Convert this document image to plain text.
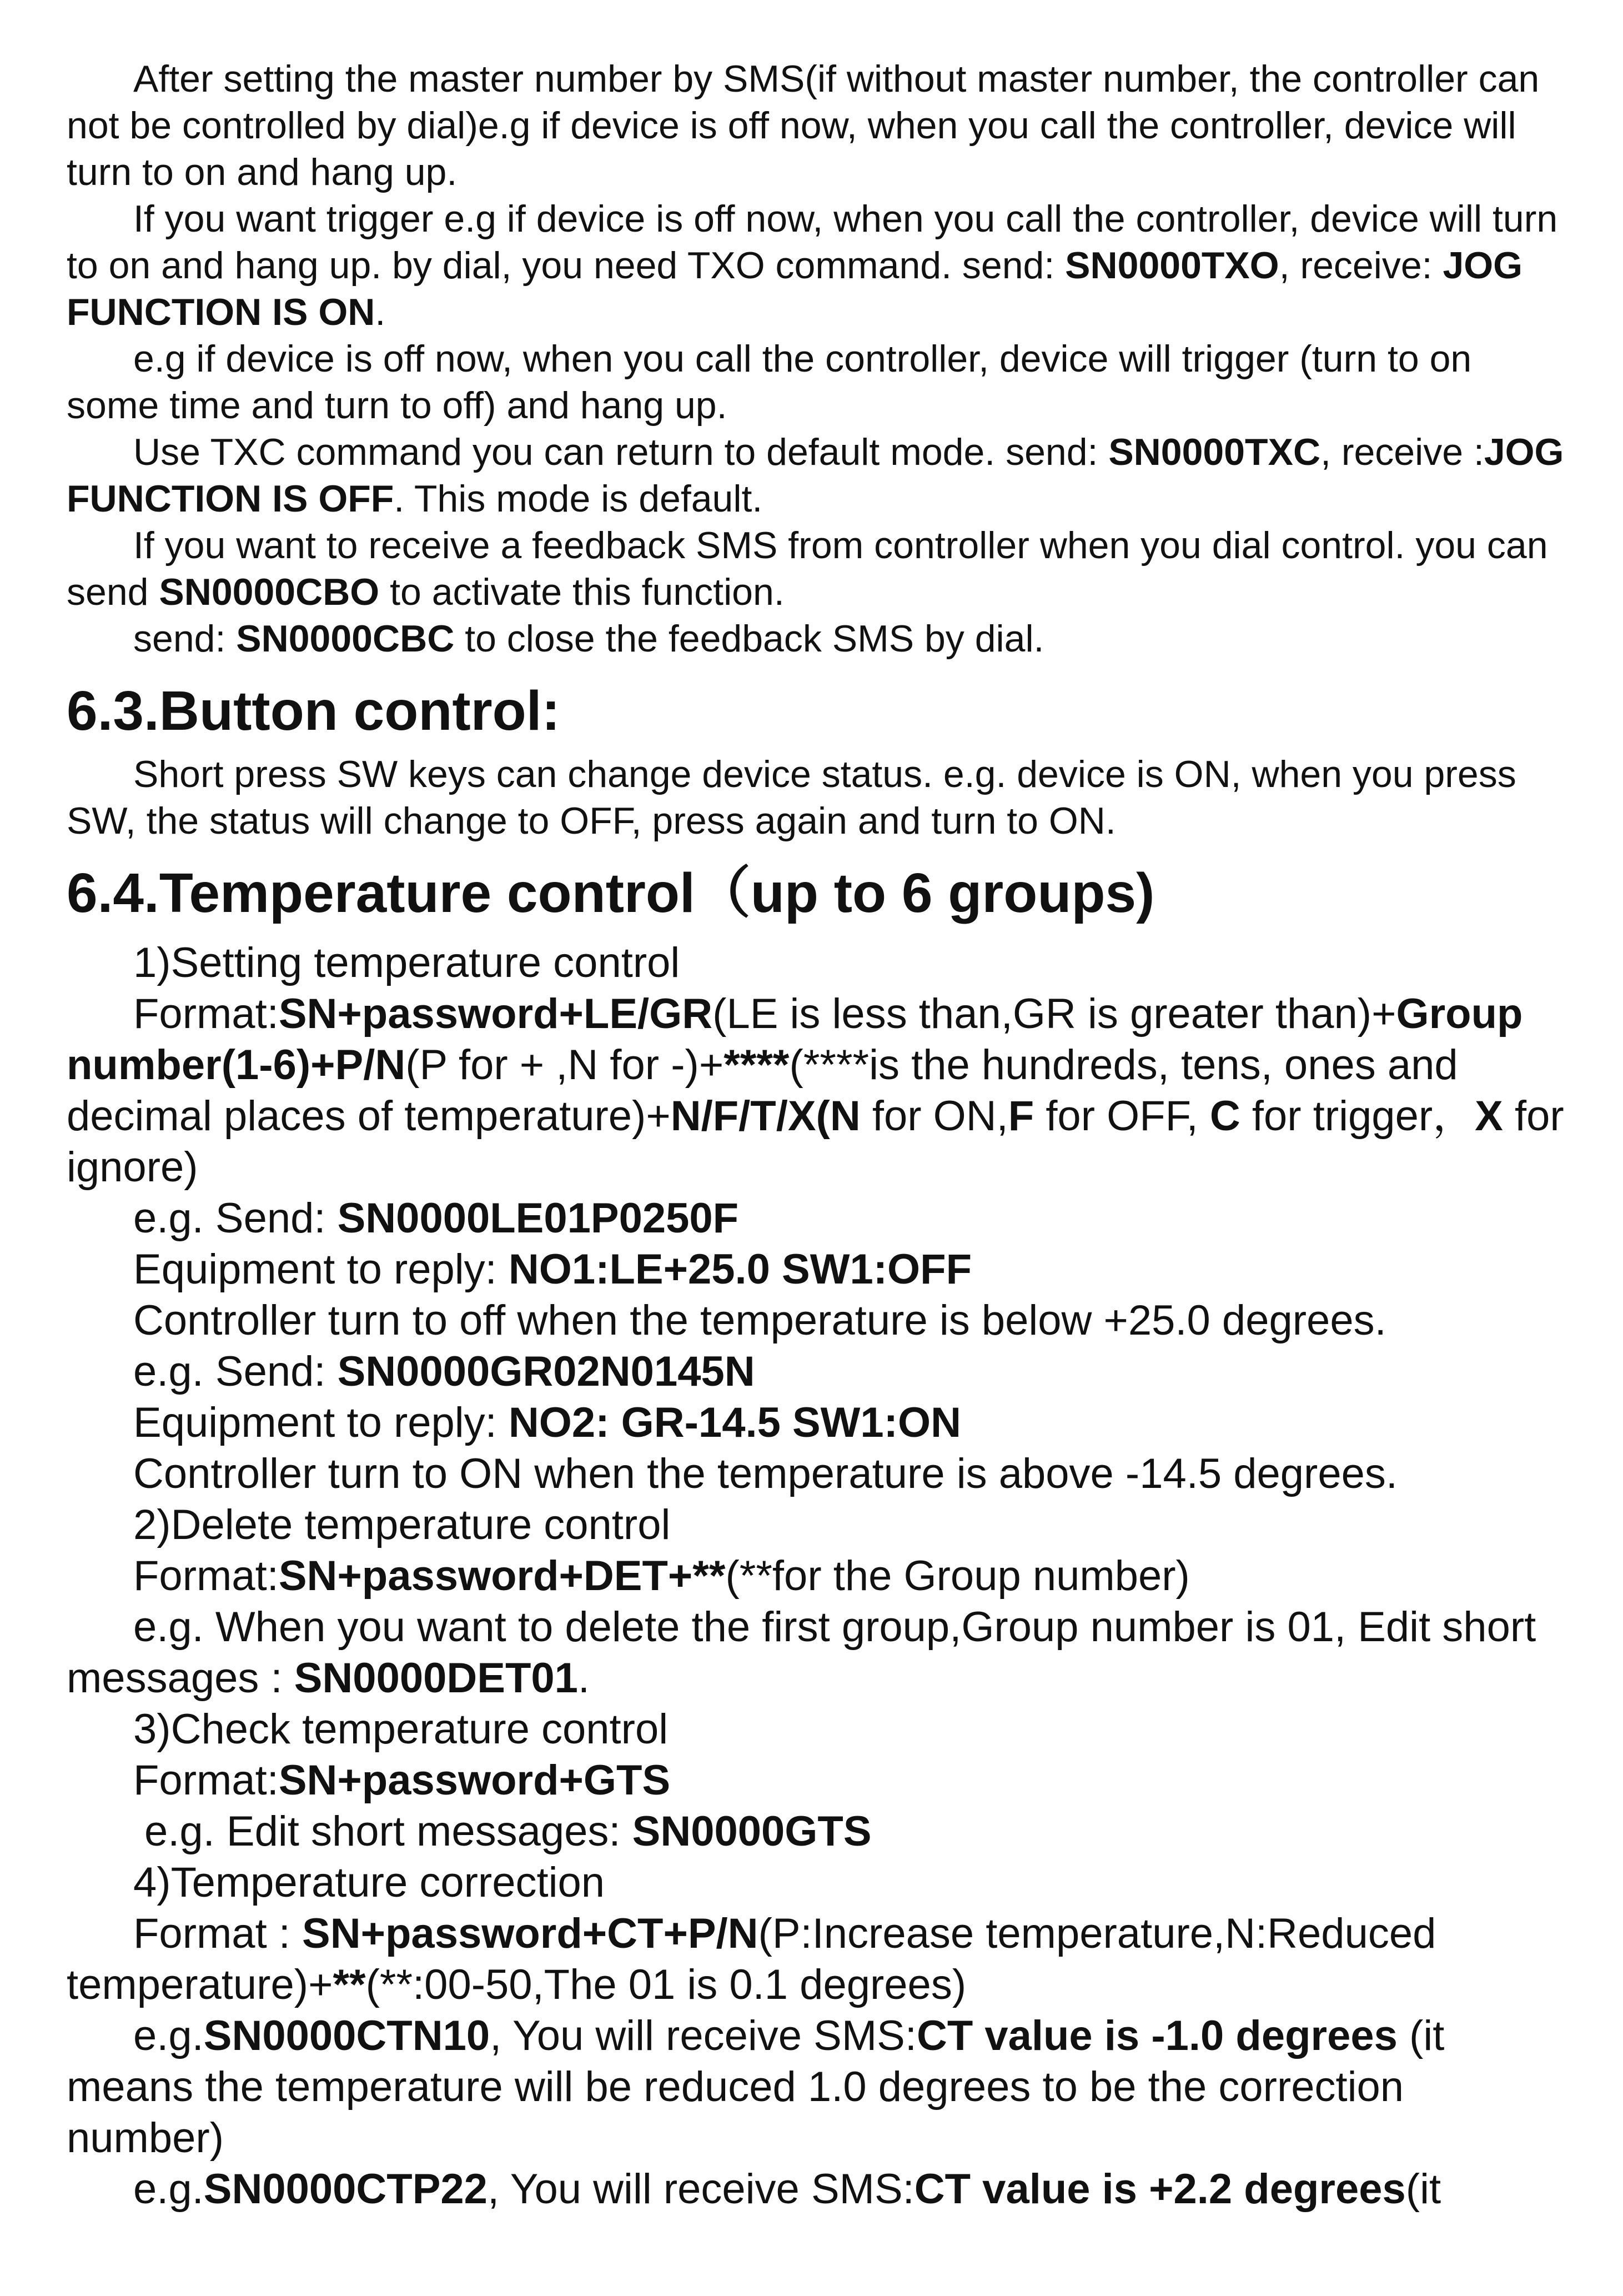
After setting the master number by SMS(if without master number, the controller can not be controlled by dial)e.g if device is off now, when you call the controller, device will turn to on and hang up.

If you want trigger e.g if device is off now, when you call the controller, device will turn to on and hang up. by dial, you need TXO command. send: SN0000TXO, receive: JOG FUNCTION IS ON.

e.g if device is off now, when you call the controller, device will trigger (turn to on some time and turn to off) and hang up.

Use TXC command you can return to default mode. send: SN0000TXC, receive :JOG FUNCTION IS OFF. This mode is default.

If you want to receive a feedback SMS from controller when you dial control. you can send SN0000CBO to activate this function.

send: SN0000CBC to close the feedback SMS by dial.

6.3.Button control:

Short press SW keys can change device status. e.g. device is ON, when you press SW, the status will change to OFF, press again and turn to ON.

6.4.Temperature control（up to 6 groups)

1)Setting temperature control

Format:SN+password+LE/GR(LE is less than,GR is greater than)+Group number(1-6)+P/N(P for + ,N for -)+****(****is the hundreds, tens, ones and decimal places of temperature)+N/F/T/X(N for ON,F for OFF, C for trigger，X for ignore)

e.g. Send: SN0000LE01P0250F

Equipment to reply: NO1:LE+25.0 SW1:OFF

Controller turn to off when the temperature is below +25.0 degrees.

e.g. Send: SN0000GR02N0145N

Equipment to reply: NO2: GR-14.5 SW1:ON

Controller turn to ON when the temperature is above -14.5 degrees.

2)Delete temperature control

Format:SN+password+DET+**(**for the Group number)

e.g. When you want to delete the first group,Group number is 01, Edit short messages : SN0000DET01.

3)Check temperature control

Format:SN+password+GTS

e.g. Edit short messages: SN0000GTS

4)Temperature correction

Format : SN+password+CT+P/N(P:Increase temperature,N:Reduced temperature)+**(**:00-50,The 01 is 0.1 degrees)

e.g.SN0000CTN10, You will receive SMS:CT value is -1.0 degrees (it means the temperature will be reduced 1.0 degrees to be the correction number)

e.g.SN0000CTP22, You will receive SMS:CT value is +2.2 degrees(it
